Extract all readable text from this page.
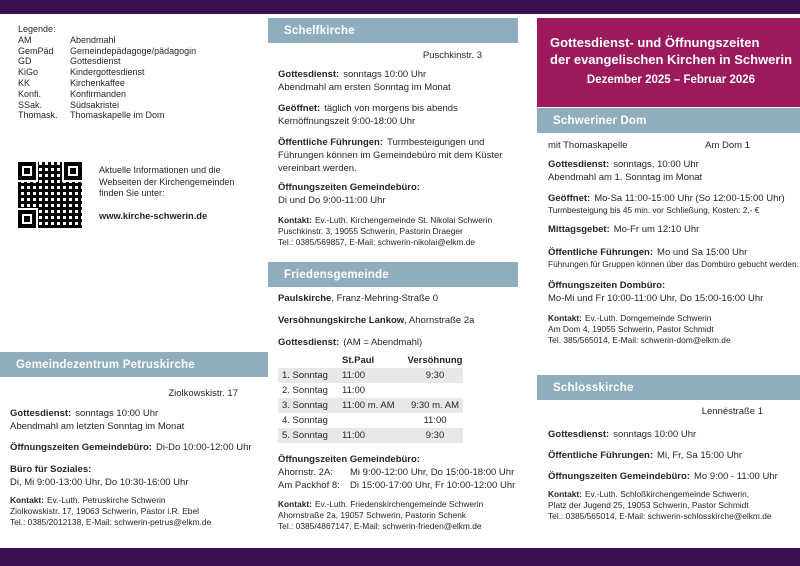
Legende:
AM	Abendmahl
GemPäd	Gemeindepädagoge/pädagogin
GD	Gottesdienst
KiGo	Kindergottesdienst
KK	Kirchenkaffee
Konfi.	Konfirmanden
SSak.	Südsakristei
Thomask.	Thomaskapelle im Dom
Aktuelle Informationen und die
Webseiten der Kirchengemeinden
finden Sie unter:
www.kirche-schwerin.de
Gemeindezentrum Petruskirche
Ziolkowskistr. 17
Gottesdienst: sonntags 10:00 Uhr
Abendmahl am letzten Sonntag im Monat
Öffnungszeiten Gemeindebüro: Di-Do 10:00-12:00 Uhr
Büro für Soziales:
Di, Mi 9:00-13:00 Uhr, Do 10:30-16:00 Uhr
Kontakt: Ev.-Luth. Petruskirche Schwerin
Ziolkowskistr. 17, 19063 Schwerin, Pastor i.R. Ebel
Tel.: 0385/2012138, E-Mail: schwerin-petrus@elkm.de
Schelfkirche
Puschkinstr. 3
Gottesdienst: sonntags 10:00 Uhr
Abendmahl am ersten Sonntag im Monat
Geöffnet: täglich von morgens bis abends
Kernöffnungszeit 9:00-18:00 Uhr
Öffentliche Führungen: Turmbesteigungen und Führungen können im Gemeindebüro mit dem Küster vereinbart werden.
Öffnungszeiten Gemeindebüro:
Di und Do 9:00-11:00 Uhr
Kontakt: Ev.-Luth. Kirchengemeinde St. Nikolai Schwerin
Puschkinstr. 3, 19055 Schwerin, Pastorin Draeger
Tel.: 0385/569857, E-Mail: schwerin-nikolai@elkm.de
Friedensgemeinde
Paulskirche, Franz-Mehring-Straße 0
Versöhnungskirche Lankow, Ahornstraße 2a
Gottesdienst: (AM = Abendmahl)
	St.Paul	Versöhnung
1. Sonntag	11:00	9:30
2. Sonntag	11:00	
3. Sonntag	11:00 m. AM	9:30 m. AM
4. Sonntag		11:00
5. Sonntag	11:00	9:30
Öffnungszeiten Gemeindebüro:
Ahornstr. 2A:	Mi 9:00-12:00 Uhr, Do 15:00-18:00 Uhr
Am Packhof 8:	Di 15:00-17:00 Uhr, Fr 10:00-12:00 Uhr
Kontakt: Ev.-Luth. Friedenskirchengemeinde Schwerin
Ahornstraße 2a, 19057 Schwerin, Pastorin Schenk
Tel.: 0385/4867147, E-Mail: schwerin-frieden@elkm.de
Gottesdienst- und Öffnungszeiten
der evangelischen Kirchen in Schwerin
Dezember 2025 – Februar 2026
Schweriner Dom
mit Thomaskapelle	Am Dom 1
Gottesdienst: sonntags, 10:00 Uhr
Abendmahl am 1. Sonntag im Monat
Geöffnet: Mo-Sa 11:00-15:00 Uhr (So 12:00-15:00 Uhr)
Turmbesteigung bis 45 min. vor Schließung, Kosten: 2,- €
Mittagsgebet: Mo-Fr um 12:10 Uhr
Öffentliche Führungen: Mo und Sa 15:00 Uhr
Führungen für Gruppen können über das Dombüro gebucht werden.
Öffnungszeiten Dombüro:
Mo-Mi und Fr 10:00-11:00 Uhr, Do 15:00-16:00 Uhr
Kontakt: Ev.-Luth. Domgemeinde Schwerin
Am Dom 4, 19055 Schwerin, Pastor Schmidt
Tel. 385/565014, E-Mail: schwerin-dom@elkm.de
Schlosskirche
Lennéstraße 1
Gottesdienst: sonntags 10:00 Uhr
Öffentliche Führungen: Mi, Fr, Sa 15:00 Uhr
Öffnungszeiten Gemeindebüro: Mo 9:00 - 11:00 Uhr
Kontakt: Ev.-Luth. Schloßkirchengemeinde Schwerin,
Platz der Jugend 25, 19053 Schwerin, Pastor Schmidt
Tel.: 0385/565014, E-Mail: schwerin-schlosskirche@elkm.de
